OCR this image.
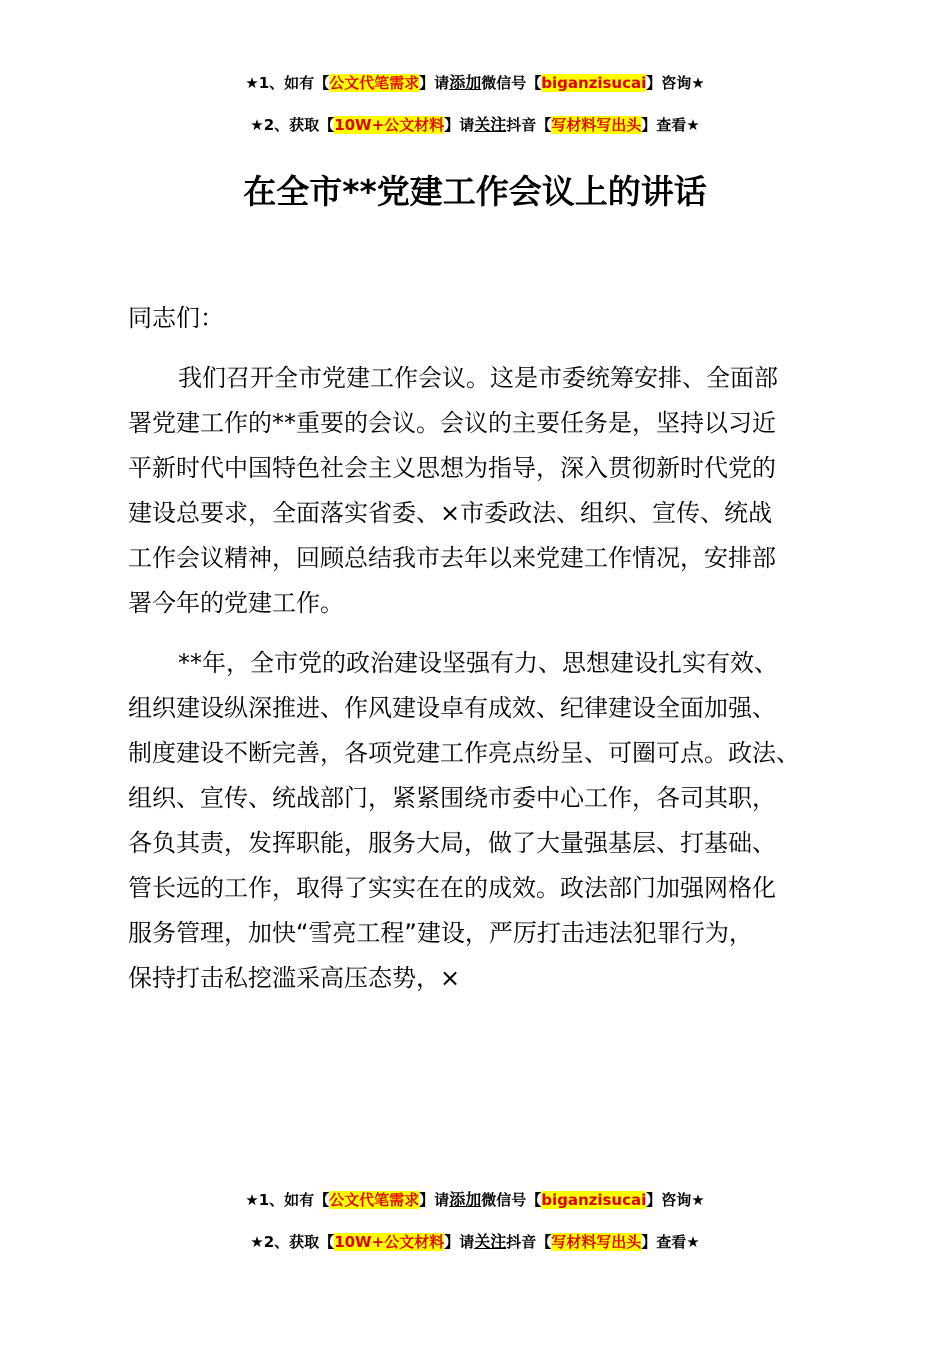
★1、如有【公文代笔需求】请添加微信号【biganzisucai】咨询★
★2、获取【10W+公文材料】请关注抖音【写材料写出头】查看★
在全市**党建工作会议上的讲话
同志们：
我们召开全市党建工作会议。这是市委统筹安排、全面部
署党建工作的**重要的会议。会议的主要任务是，坚持以习近
平新时代中国特色社会主义思想为指导，深入贯彻新时代党的
建设总要求，全面落实省委、×市委政法、组织、宣传、统战
工作会议精神，回顾总结我市去年以来党建工作情况，安排部
署今年的党建工作。
**年，全市党的政治建设坚强有力、思想建设扎实有效、
组织建设纵深推进、作风建设卓有成效、纪律建设全面加强、
制度建设不断完善，各项党建工作亮点纷呈、可圈可点。政法、
组织、宣传、统战部门，紧紧围绕市委中心工作，各司其职，
各负其责，发挥职能，服务大局，做了大量强基层、打基础、
管长远的工作，取得了实实在在的成效。政法部门加强网格化
服务管理，加快“雪亮工程”建设，严厉打击违法犯罪行为，
保持打击私挖滥采高压态势，×
★1、如有【公文代笔需求】请添加微信号【biganzisucai】咨询★
★2、获取【10W+公文材料】请关注抖音【写材料写出头】查看★
